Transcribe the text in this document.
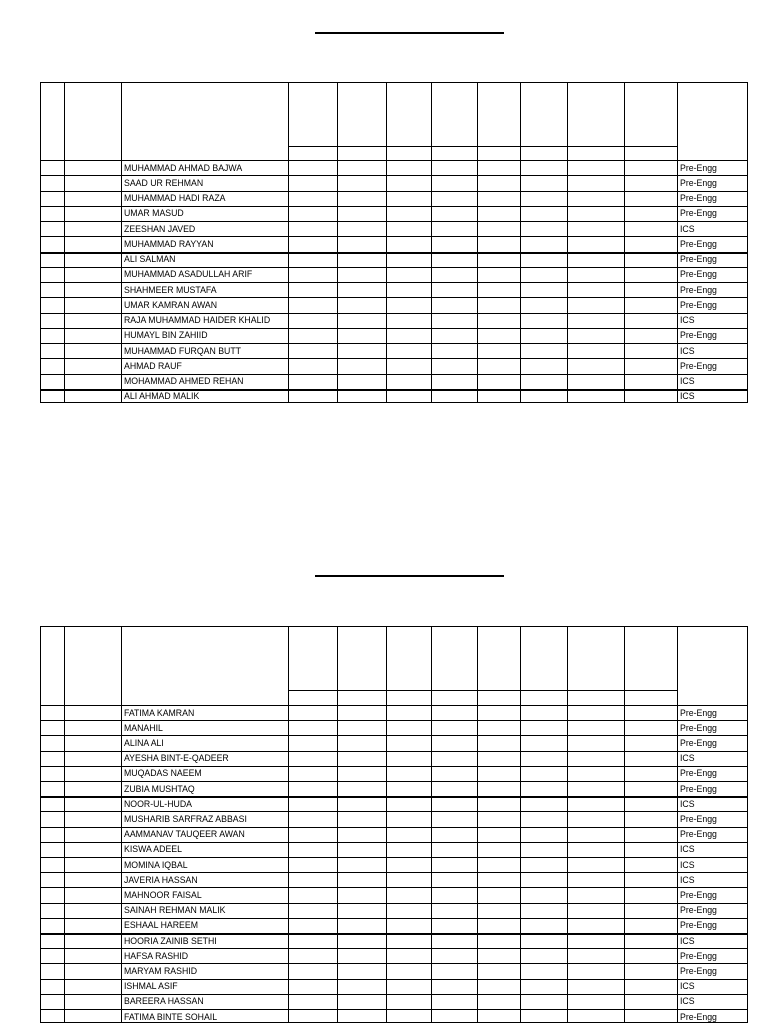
MUHAMMAD AHMAD BAJWA	Pre-Engg
SAAD UR REHMAN	Pre-Engg
MUHAMMAD HADI RAZA	Pre-Engg
UMAR MASUD	Pre-Engg
ZEESHAN JAVED	ICS
MUHAMMAD RAYYAN	Pre-Engg
ALI SALMAN	Pre-Engg
MUHAMMAD ASADULLAH ARIF	Pre-Engg
SHAHMEER MUSTAFA	Pre-Engg
UMAR KAMRAN AWAN	Pre-Engg
RAJA MUHAMMAD HAIDER KHALID	ICS
HUMAYL BIN ZAHIID	Pre-Engg
MUHAMMAD FURQAN BUTT	ICS
AHMAD RAUF	Pre-Engg
MOHAMMAD AHMED REHAN	ICS
ALI AHMAD MALIK	ICS
FATIMA KAMRAN	Pre-Engg
MANAHIL	Pre-Engg
ALINA ALI	Pre-Engg
AYESHA BINT-E-QADEER	ICS
MUQADAS NAEEM	Pre-Engg
ZUBIA MUSHTAQ	Pre-Engg
NOOR-UL-HUDA	ICS
MUSHARIB SARFRAZ ABBASI	Pre-Engg
AAMMANAV TAUQEER AWAN	Pre-Engg
KISWA ADEEL	ICS
MOMINA IQBAL	ICS
JAVERIA HASSAN	ICS
MAHNOOR FAISAL	Pre-Engg
SAINAH REHMAN MALIK	Pre-Engg
ESHAAL HAREEM	Pre-Engg
HOORIA ZAINIB SETHI	ICS
HAFSA RASHID	Pre-Engg
MARYAM RASHID	Pre-Engg
ISHMAL ASIF	ICS
BAREERA HASSAN	ICS
FATIMA BINTE SOHAIL	Pre-Engg
